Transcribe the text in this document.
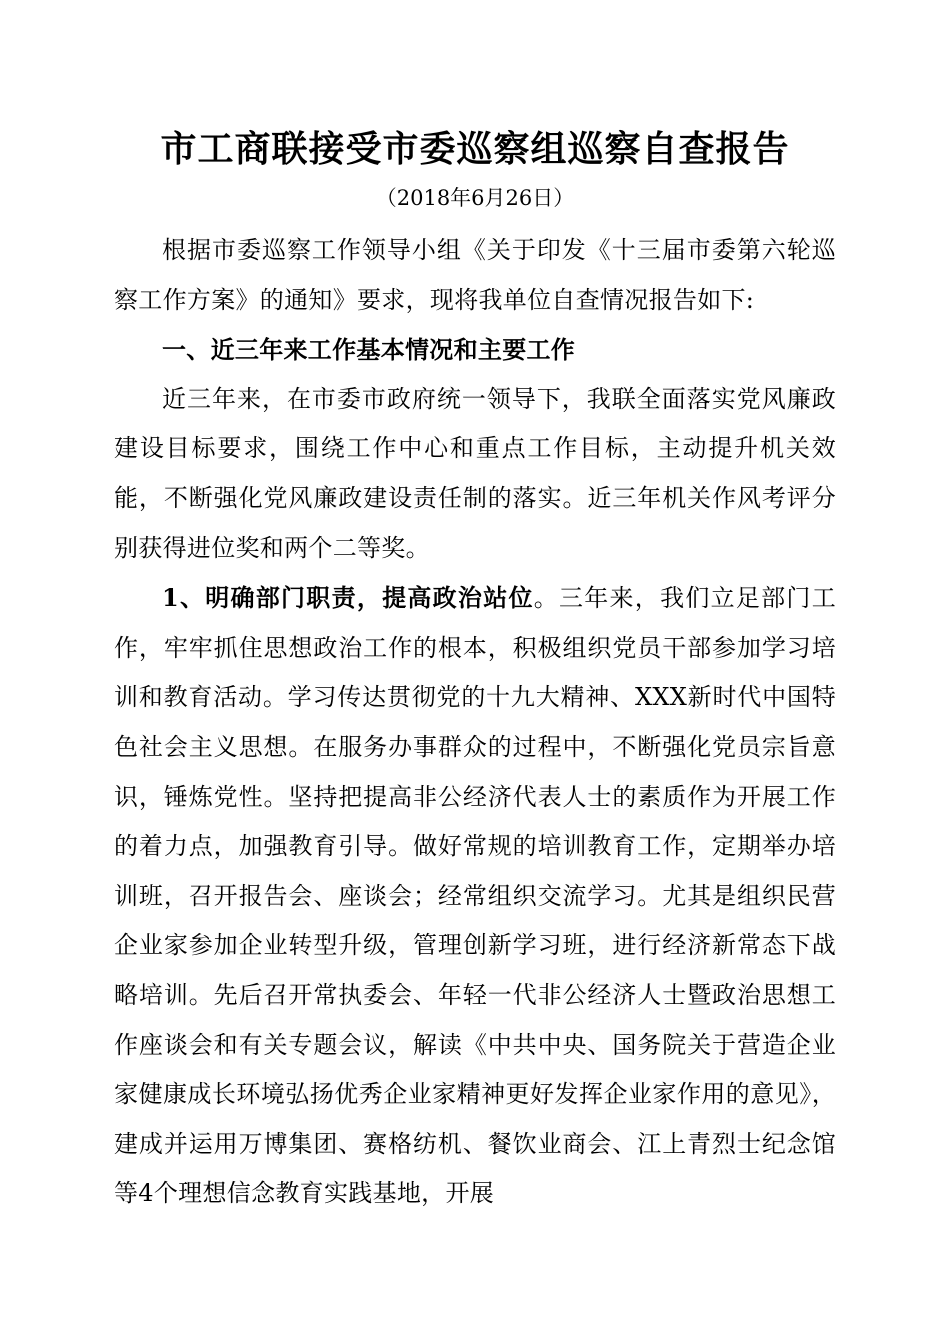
市工商联接受市委巡察组巡察自查报告
（2018年6月26日）

根据市委巡察工作领导小组《关于印发《十三届市委第六轮巡察工作方案》的通知》要求，现将我单位自查情况报告如下:

一、近三年来工作基本情况和主要工作

近三年来，在市委市政府统一领导下，我联全面落实党风廉政建设目标要求，围绕工作中心和重点工作目标，主动提升机关效能，不断强化党风廉政建设责任制的落实。近三年机关作风考评分别获得进位奖和两个二等奖。

1、明确部门职责，提高政治站位。三年来，我们立足部门工作，牢牢抓住思想政治工作的根本，积极组织党员干部参加学习培训和教育活动。学习传达贯彻党的十九大精神、XXX新时代中国特色社会主义思想。在服务办事群众的过程中，不断强化党员宗旨意识，锤炼党性。坚持把提高非公经济代表人士的素质作为开展工作的着力点，加强教育引导。做好常规的培训教育工作，定期举办培训班，召开报告会、座谈会；经常组织交流学习。尤其是组织民营企业家参加企业转型升级，管理创新学习班，进行经济新常态下战略培训。先后召开常执委会、年轻一代非公经济人士暨政治思想工作座谈会和有关专题会议，解读《中共中央、国务院关于营造企业家健康成长环境弘扬优秀企业家精神更好发挥企业家作用的意见》，建成并运用万博集团、赛格纺机、餐饮业商会、江上青烈士纪念馆等4个理想信念教育实践基地，开展
